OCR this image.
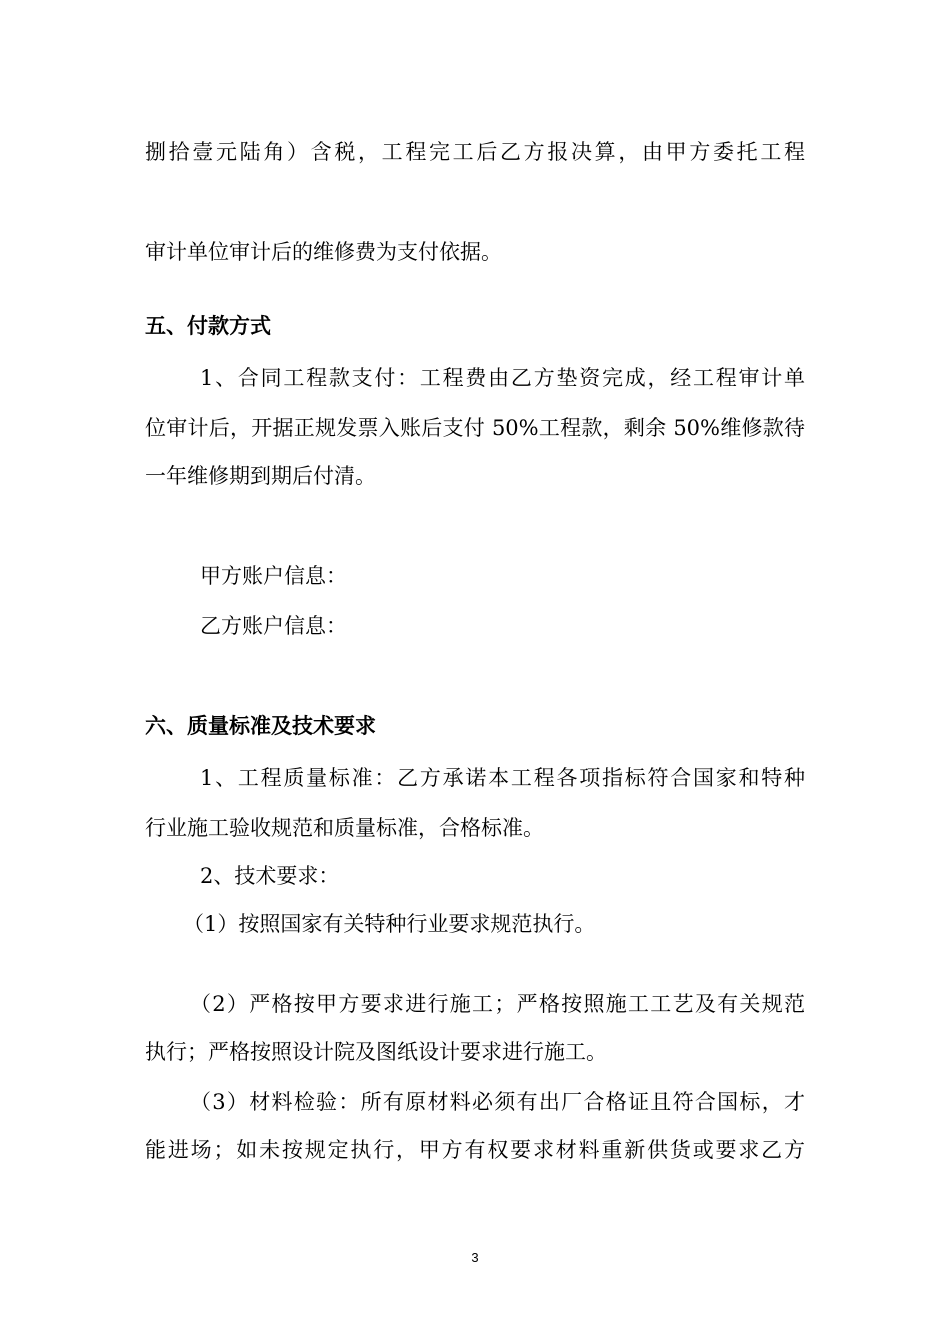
捌拾壹元陆角）含税，工程完工后乙方报决算，由甲方委托工程

审计单位审计后的维修费为支付依据。

五、付款方式

1、合同工程款支付：工程费由乙方垫资完成，经工程审计单

位审计后，开据正规发票入账后支付 50%工程款，剩余 50%维修款待

一年维修期到期后付清。

甲方账户信息：

乙方账户信息：

六、质量标准及技术要求

1、工程质量标准：乙方承诺本工程各项指标符合国家和特种

行业施工验收规范和质量标准，合格标准。

2、技术要求：

（1）按照国家有关特种行业要求规范执行。

（2）严格按甲方要求进行施工；严格按照施工工艺及有关规范

执行；严格按照设计院及图纸设计要求进行施工。

（3）材料检验：所有原材料必须有出厂合格证且符合国标，才

能进场；如未按规定执行，甲方有权要求材料重新供货或要求乙方

3
